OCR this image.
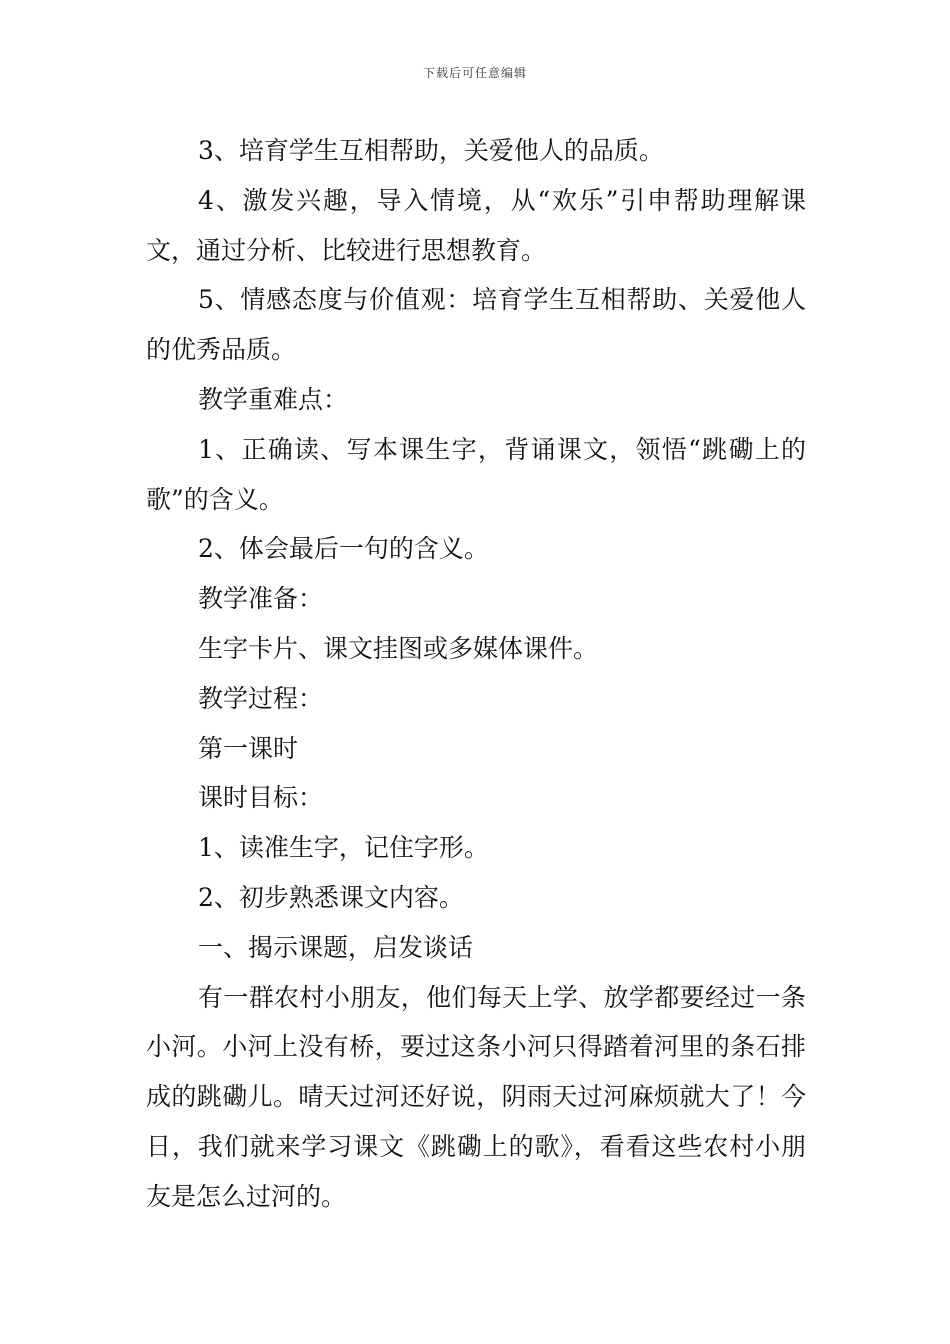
下载后可任意编辑

3、培育学生互相帮助，关爱他人的品质。

4、激发兴趣，导入情境，从“欢乐”引申帮助理解课文，通过分析、比较进行思想教育。

5、情感态度与价值观：培育学生互相帮助、关爱他人的优秀品质。

教学重难点：

1、正确读、写本课生字，背诵课文，领悟“跳磡上的歌”的含义。

2、体会最后一句的含义。

教学准备：

生字卡片、课文挂图或多媒体课件。

教学过程：

第一课时

课时目标：

1、读准生字，记住字形。

2、初步熟悉课文内容。

一、揭示课题，启发谈话

有一群农村小朋友，他们每天上学、放学都要经过一条小河。小河上没有桥，要过这条小河只得踏着河里的条石排成的跳磡儿。晴天过河还好说，阴雨天过河麻烦就大了！今日，我们就来学习课文《跳磡上的歌》，看看这些农村小朋友是怎么过河的。
